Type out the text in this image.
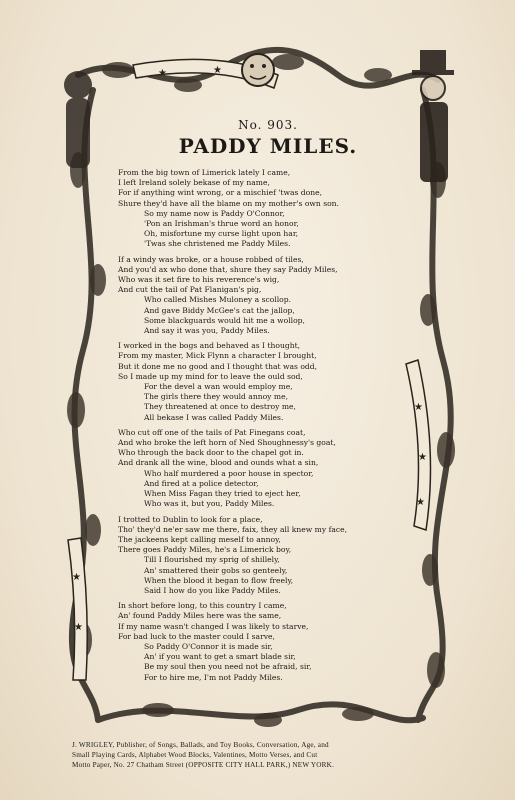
★	★
★
★
★
★
★
No. 903.
PADDY MILES.
From the big town of Limerick lately I came,
I left Ireland solely bekase of my name,
For if anything wint wrong, or a mischief 'twas done,
Shure they'd have all the blame on my mother's own son.
So my name now is Paddy O'Connor,
'Pon an Irishman's thrue word an honor,
Oh, misfortune my curse light upon har,
'Twas she christened me Paddy Miles.
If a windy was broke, or a house robbed of tiles,
And you'd ax who done that, shure they say Paddy Miles,
Who was it set fire to his reverence's wig,
And cut the tail of Pat Flanigan's pig,
Who called Mishes Muloney a scollop.
And gave Biddy McGee's cat the jallop,
Some blackguards would hit me a wollop,
And say it was you, Paddy Miles.
I worked in the bogs and behaved as I thought,
From my master, Mick Flynn a character I brought,
But it done me no good and I thought that was odd,
So I made up my mind for to leave the ould sod,
For the devel a wan would employ me,
The girls there they would annoy me,
They threatened at once to destroy me,
All bekase I was called Paddy Miles.
Who cut off one of the tails of Pat Finegans coat,
And who broke the left horn of Ned Shoughnessy's goat,
Who through the back door to the chapel got in.
And drank all the wine, blood and ounds what a sin,
Who half murdered a poor house in spector,
And fired at a police detector,
When Miss Fagan they tried to eject her,
Who was it, but you, Paddy Miles.
I trotted to Dublin to look for a place,
Tho' they'd ne'er saw me there, faix, they all knew my face,
The jackeens kept calling meself to annoy,
There goes Paddy Miles, he's a Limerick boy,
Till I flourished my sprig of shillely,
An' smattered their gobs so genteely,
When the blood it began to flow freely,
Said I how do you like Paddy Miles.
In short before long, to this country I came,
An' found Paddy Miles here was the same,
If my name wasn't changed I was likely to starve,
For bad luck to the master could I sarve,
So Paddy O'Connor it is made sir,
An' if you want to get a smart blade sir,
Be my soul then you need not be afraid, sir,
For to hire me, I'm not Paddy Miles.
J. WRIGLEY, Publisher, of Songs, Ballads, and Toy Books, Conversation, Age, and
Small Playing Cards, Alphabet Wood Blocks, Valentines, Motto Verses, and Cut
Motto Paper, No. 27 Chatham Street (OPPOSITE CITY HALL PARK,) NEW YORK.
